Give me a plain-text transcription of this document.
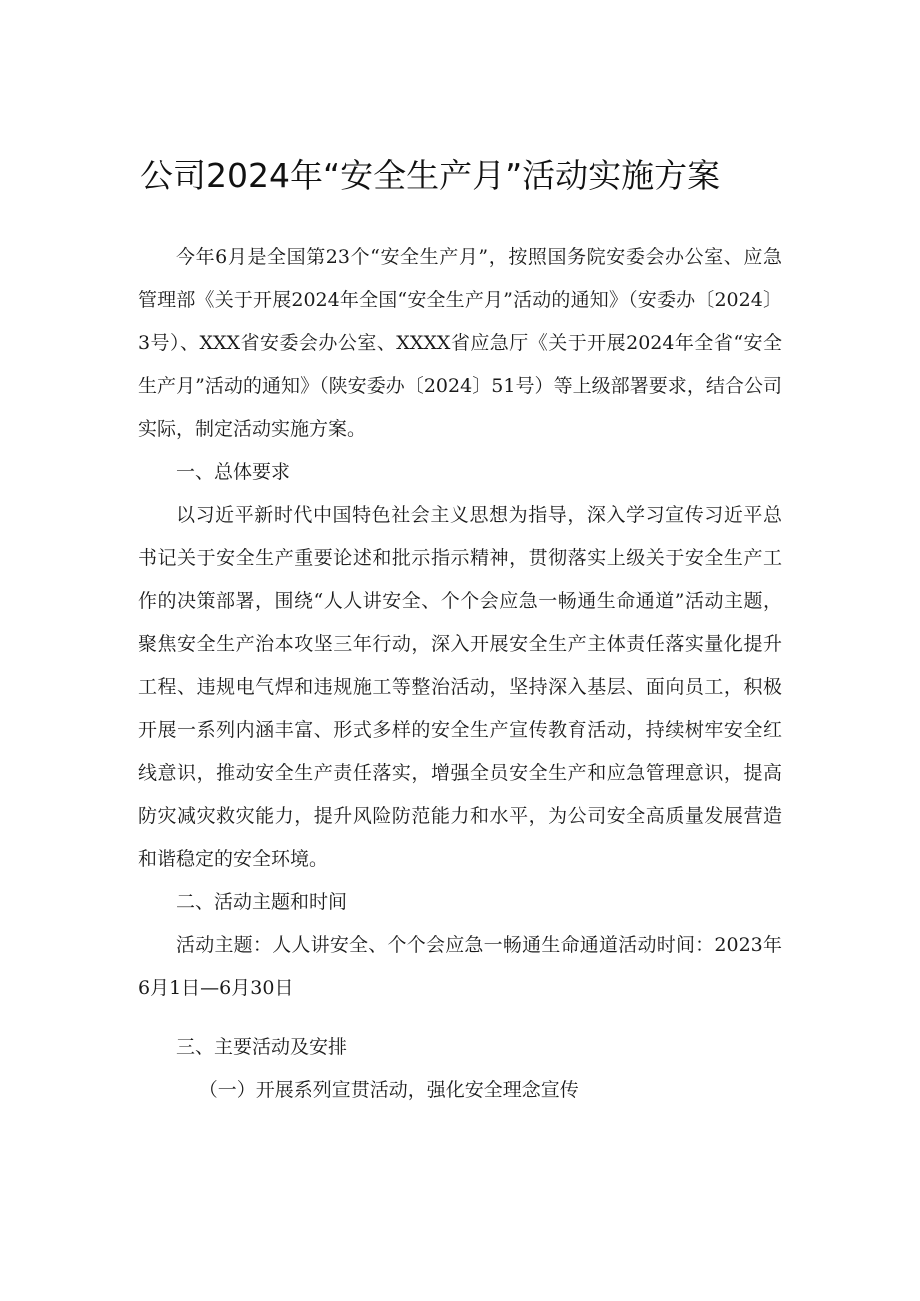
公司2024年“安全生产月”活动实施方案

今年6月是全国第23个“安全生产月”，按照国务院安委会办公室、应急管理部《关于开展2024年全国“安全生产月”活动的通知》（安委办〔2024〕3号）、XXX省安委会办公室、XXXX省应急厅《关于开展2024年全省“安全生产月”活动的通知》（陕安委办〔2024〕51号）等上级部署要求，结合公司实际，制定活动实施方案。

一、总体要求

以习近平新时代中国特色社会主义思想为指导，深入学习宣传习近平总书记关于安全生产重要论述和批示指示精神，贯彻落实上级关于安全生产工作的决策部署，围绕“人人讲安全、个个会应急一畅通生命通道”活动主题，聚焦安全生产治本攻坚三年行动，深入开展安全生产主体责任落实量化提升工程、违规电气焊和违规施工等整治活动，坚持深入基层、面向员工，积极开展一系列内涵丰富、形式多样的安全生产宣传教育活动，持续树牢安全红线意识，推动安全生产责任落实，增强全员安全生产和应急管理意识，提高防灾减灾救灾能力，提升风险防范能力和水平，为公司安全高质量发展营造和谐稳定的安全环境。

二、活动主题和时间

活动主题：人人讲安全、个个会应急一畅通生命通道活动时间：2023年6月1日—6月30日

三、主要活动及安排

（一）开展系列宣贯活动，强化安全理念宣传
